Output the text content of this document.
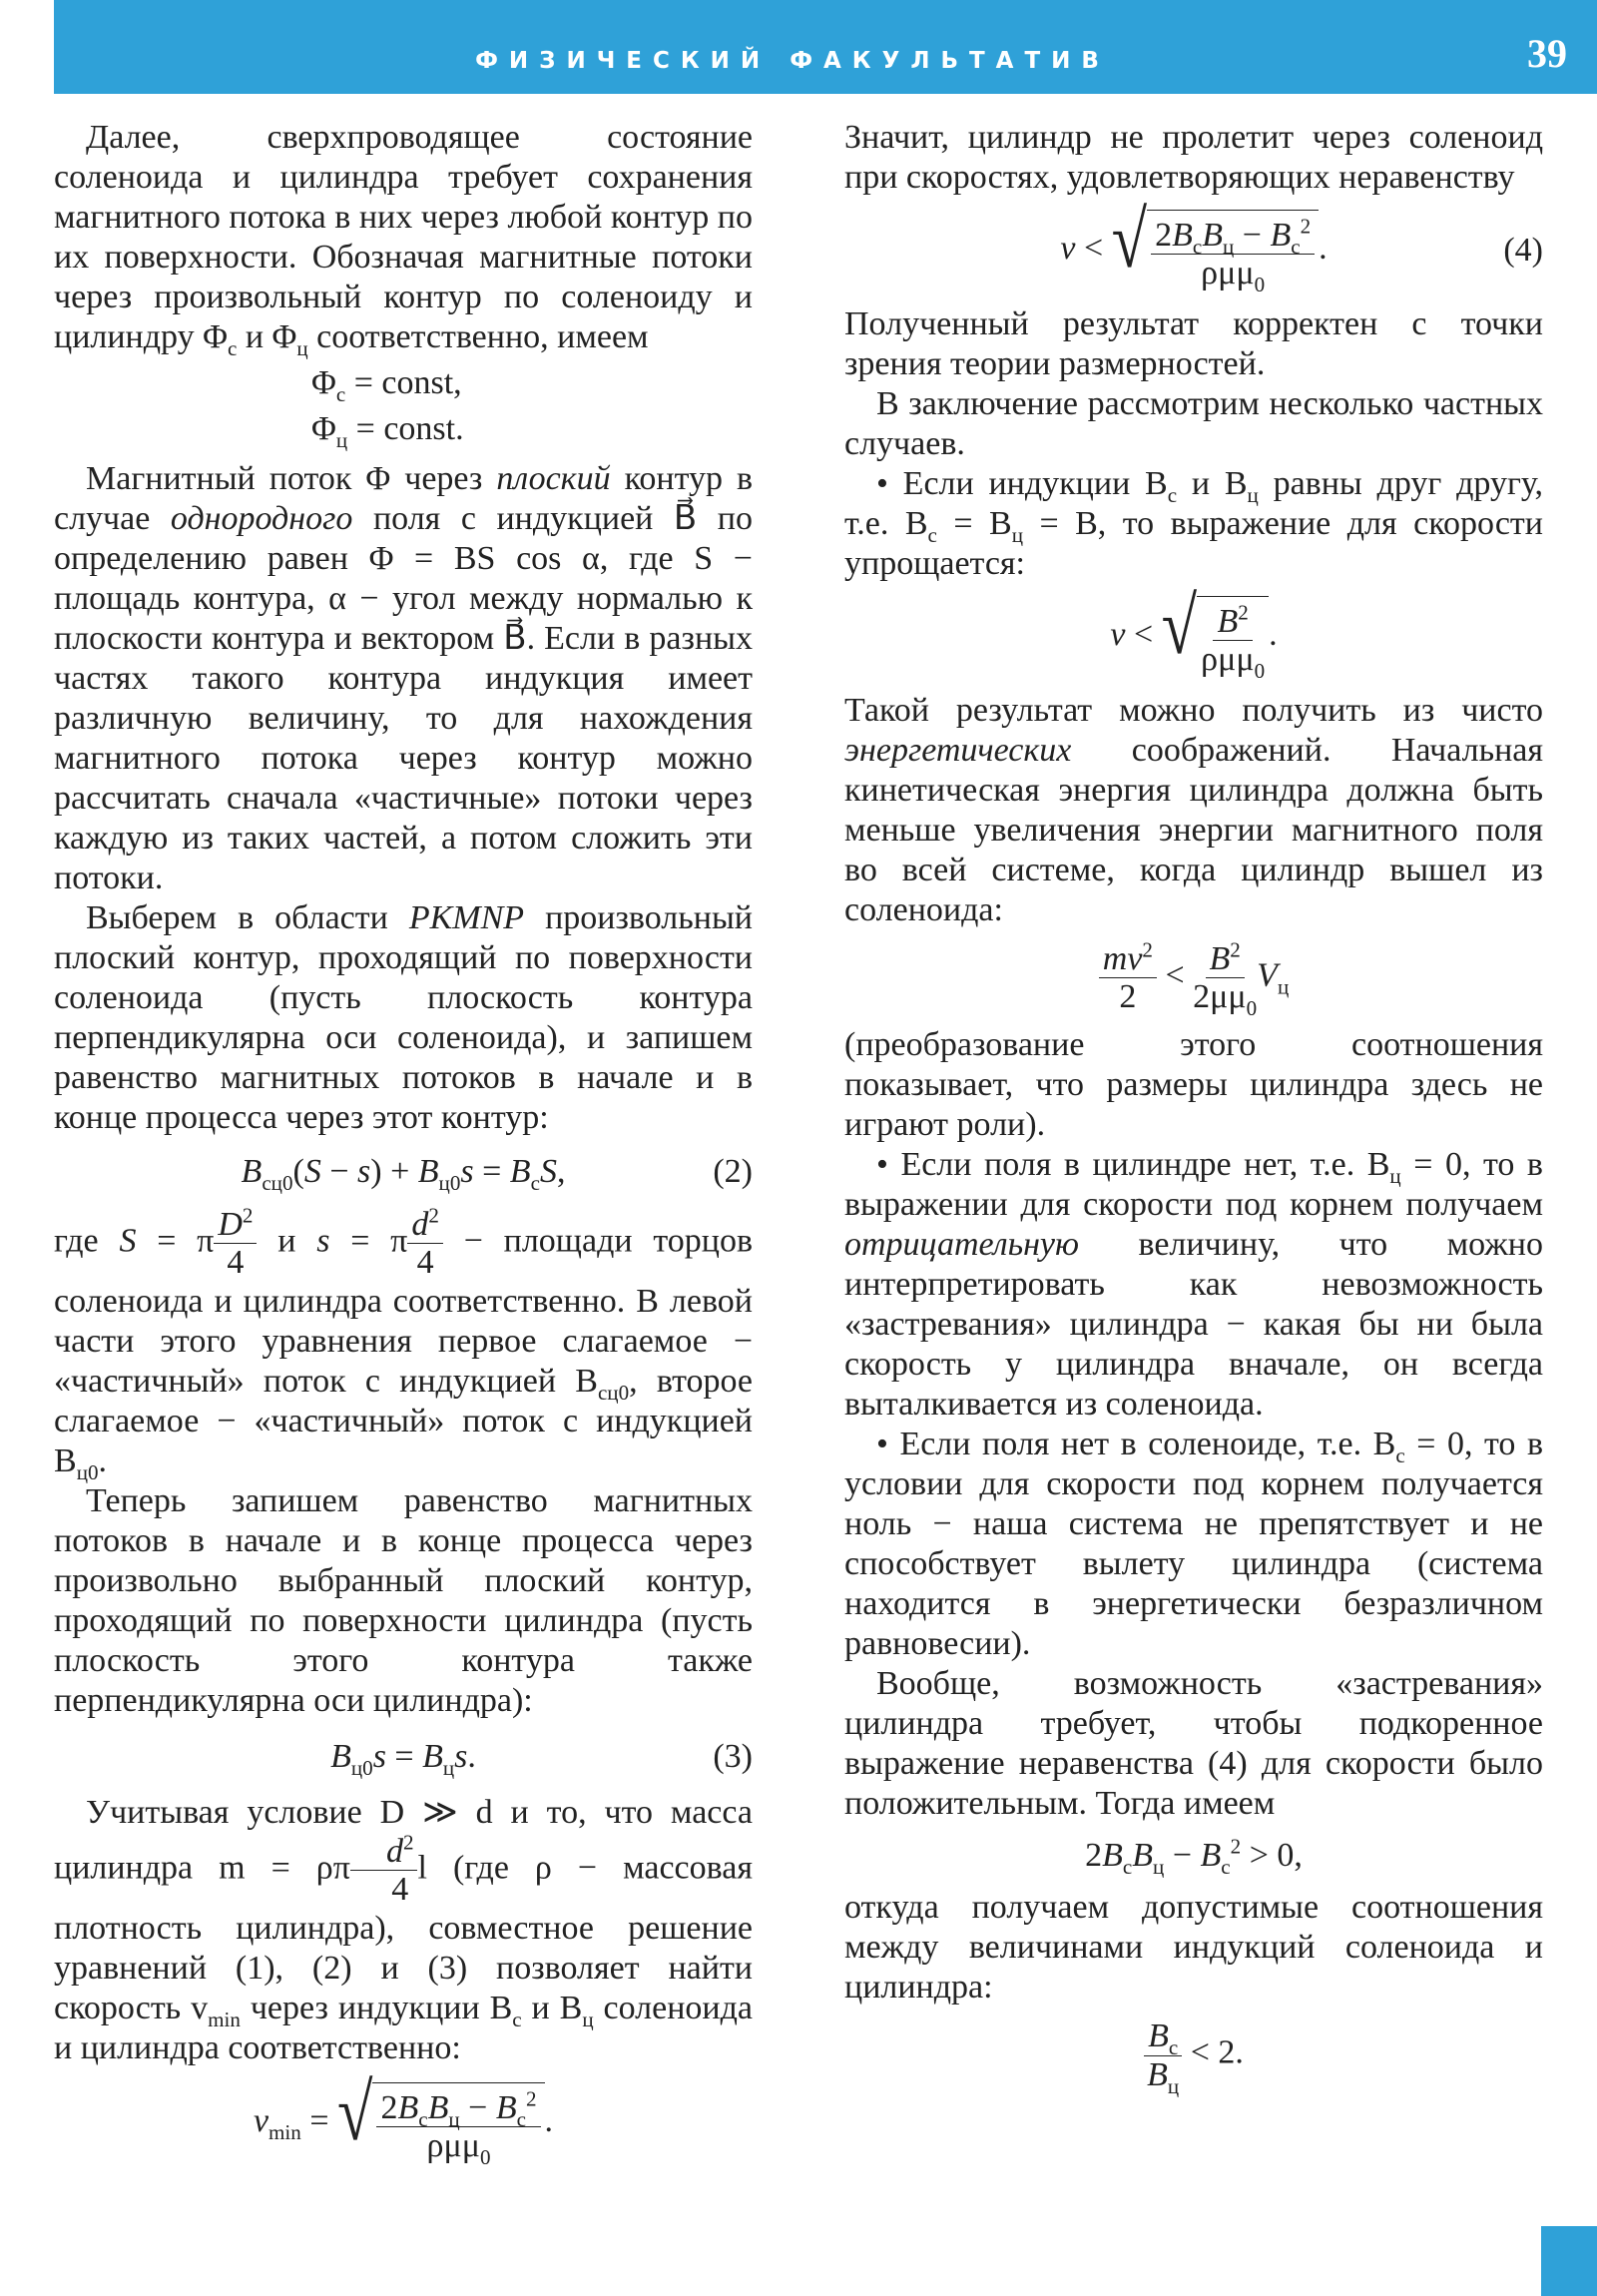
ФИЗИЧЕСКИЙ ФАКУЛЬТАТИВ	39

Далее, сверхпроводящее состояние соленоида и цилиндра требует сохранения магнитного потока в них через любой контур по их поверхности. Обозначая магнитные потоки через произвольный контур по соленоиду и цилиндру $\Phi_с$ и $\Phi_ц$ соответственно, имеем

$\Phi_с$ = const,
$\Phi_ц$ = const.

Магнитный поток Φ через плоский контур в случае однородного поля с индукцией B⃗ по определению равен Φ = BS cos α, где S − площадь контура, α − угол между нормалью к плоскости контура и вектором B⃗. Если в разных частях такого контура индукция имеет различную величину, то для нахождения магнитного потока через контур можно рассчитать сначала «частичные» потоки через каждую из таких частей, а потом сложить эти потоки.

Выберем в области PKMNP произвольный плоский контур, проходящий по поверхности соленоида (пусть плоскость контура перпендикулярна оси соленоида), и запишем равенство магнитных потоков в начале и в конце процесса через этот контур:

$B_{сц0}(S - s) + B_{ц0}s = B_сS$,	(2)

где S = π $\frac{D^2}{4}$ и s = π $\frac{d^2}{4}$ − площади торцов соленоида и цилиндра соответственно. В левой части этого уравнения первое слагаемое − «частичный» поток с индукцией $B_{сц0}$, второе слагаемое − «частичный» поток с индукцией $B_{ц0}$.

Теперь запишем равенство магнитных потоков в начале и в конце процесса через произвольно выбранный плоский контур, проходящий по поверхности цилиндра (пусть плоскость этого контура также перпендикулярна оси цилиндра):

$B_{ц0}s = B_цs$.	(3)

Учитывая условие D ≫ d и то, что масса цилиндра m = ρπ $\frac{d^2}{4}$ l (где ρ − массовая плотность цилиндра), совместное решение уравнений (1), (2) и (3) позволяет найти скорость $v_{min}$ через индукции $B_с$ и $B_ц$ соленоида и цилиндра соответственно:

$v_{min}$ = √ $\frac{2B_сB_ц - B_с^2}{\rho\mu\mu_0}$ .

Значит, цилиндр не пролетит через соленоид при скоростях, удовлетворяющих неравенству

v < √ $\frac{2B_сB_ц - B_с^2}{\rho\mu\mu_0}$ .	(4)

Полученный результат корректен с точки зрения теории размерностей.

В заключение рассмотрим несколько частных случаев.

• Если индукции $B_с$ и $B_ц$ равны друг другу, т.е. $B_с = B_ц = B$, то выражение для скорости упрощается:

v < √ $\frac{B^2}{\rho\mu\mu_0}$ .

Такой результат можно получить из чисто энергетических соображений. Начальная кинетическая энергия цилиндра должна быть меньше увеличения энергии магнитного поля во всей системе, когда цилиндр вышел из соленоида:

$\frac{mv^2}{2} < \frac{B^2}{2\mu\mu_0} V_ц$

(преобразование этого соотношения показывает, что размеры цилиндра здесь не играют роли).

• Если поля в цилиндре нет, т.е. $B_ц = 0$, то в выражении для скорости под корнем получаем отрицательную величину, что можно интерпретировать как невозможность «застревания» цилиндра − какая бы ни была скорость у цилиндра вначале, он всегда выталкивается из соленоида.

• Если поля нет в соленоиде, т.е. $B_с = 0$, то в условии для скорости под корнем получается ноль − наша система не препятствует и не способствует вылету цилиндра (система находится в энергетически безразличном равновесии).

Вообще, возможность «застревания» цилиндра требует, чтобы подкоренное выражение неравенства (4) для скорости было положительным. Тогда имеем

$2B_сB_ц - B_с^2 > 0$,

откуда получаем допустимые соотношения между величинами индукций соленоида и цилиндра:

$\frac{B_с}{B_ц} < 2$.
